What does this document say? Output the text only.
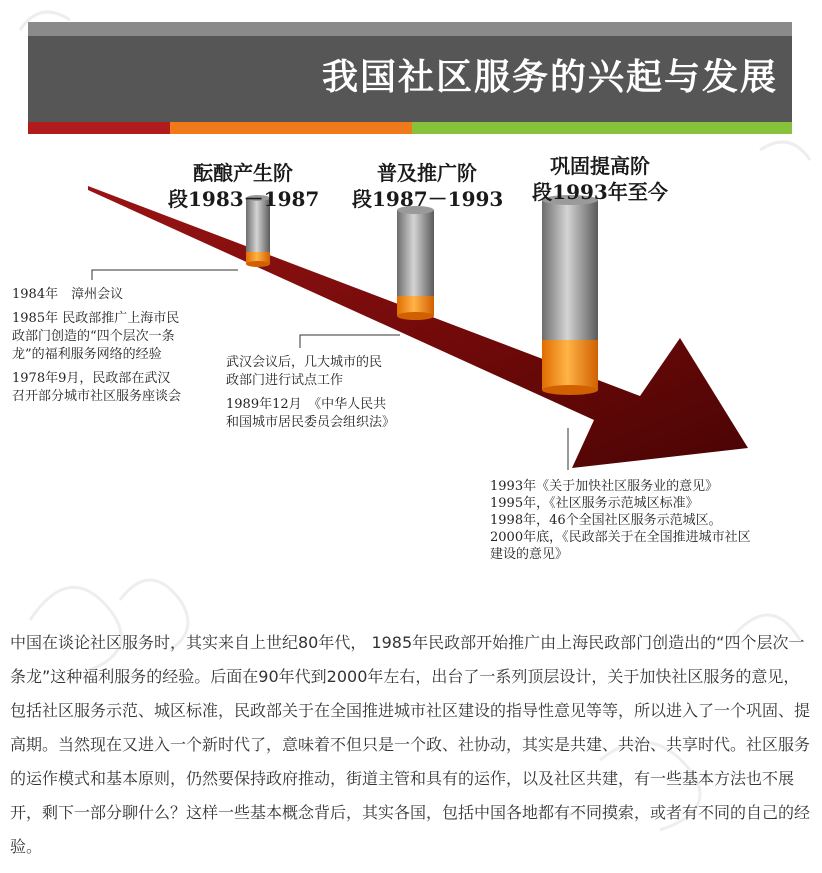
我国社区服务的兴起与发展
酝酿产生阶
段1983－1987
普及推广阶
段1987－1993
巩固提高阶
段1993年至今

1984年　漳州会议

1985年 民政部推广上海市民政部门创造的“四个层次一条龙”的福利服务网络的经验

1978年9月，民政部在武汉召开部分城市社区服务座谈会

武汉会议后，几大城市的民政部门进行试点工作

1989年12月　《中华人民共和国城市居民委员会组织法》

1993年《关于加快社区服务业的意见》
1995年，《社区服务示范城区标准》
1998年，46个全国社区服务示范城区。
2000年底，《民政部关于在全国推进城市社区建设的意见》
中国在谈论社区服务时，其实来自上世纪80年代， 1985年民政部开始推广由上海民政部门创造出的“四个层次一条龙”这种福利服务的经验。后面在90年代到2000年左右，出台了一系列顶层设计，关于加快社区服务的意见，包括社区服务示范、城区标准，民政部关于在全国推进城市社区建设的指导性意见等等，所以进入了一个巩固、提高期。当然现在又进入一个新时代了，意味着不但只是一个政、社协动，其实是共建、共治、共享时代。社区服务的运作模式和基本原则，仍然要保持政府推动，街道主管和具有的运作，以及社区共建，有一些基本方法也不展开，剩下一部分聊什么？这样一些基本概念背后，其实各国，包括中国各地都有不同摸索，或者有不同的自己的经验。
